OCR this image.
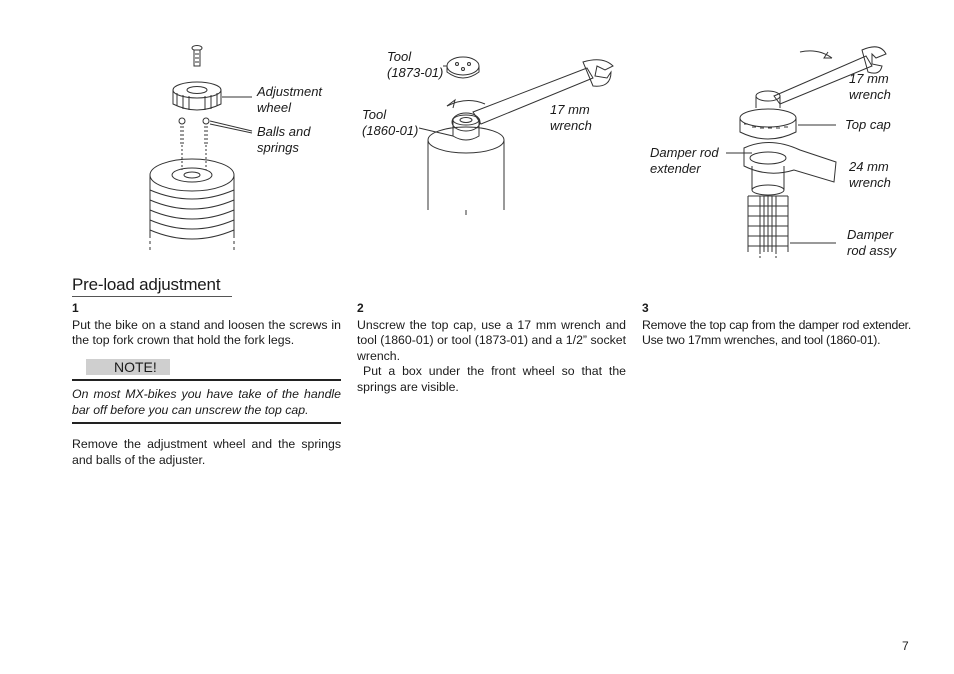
Adjustment
wheel
Balls and
springs
Tool
(1873-01)
Tool
(1860-01)
17 mm
wrench
17 mm
wrench
Top cap
Damper rod
extender	24 mm
wrench
Damper
rod assy
Pre-load adjustment
1

Put the bike on a stand and loosen the screws in the top fork crown that hold the fork legs.

NOTE!
On most MX-bikes you have take of the handle bar off before you can unscrew the top cap.

Remove the adjustment wheel and the springs and balls of the adjuster.

2

Unscrew the top cap, use a 17 mm wrench and tool (1860-01) or tool (1873-01) and a 1/2” socket wrench.

Put a box under the front wheel so that the springs are visible.

3

Remove the top cap from the damper rod extender. Use two 17mm wrenches, and tool (1860-01).

7
